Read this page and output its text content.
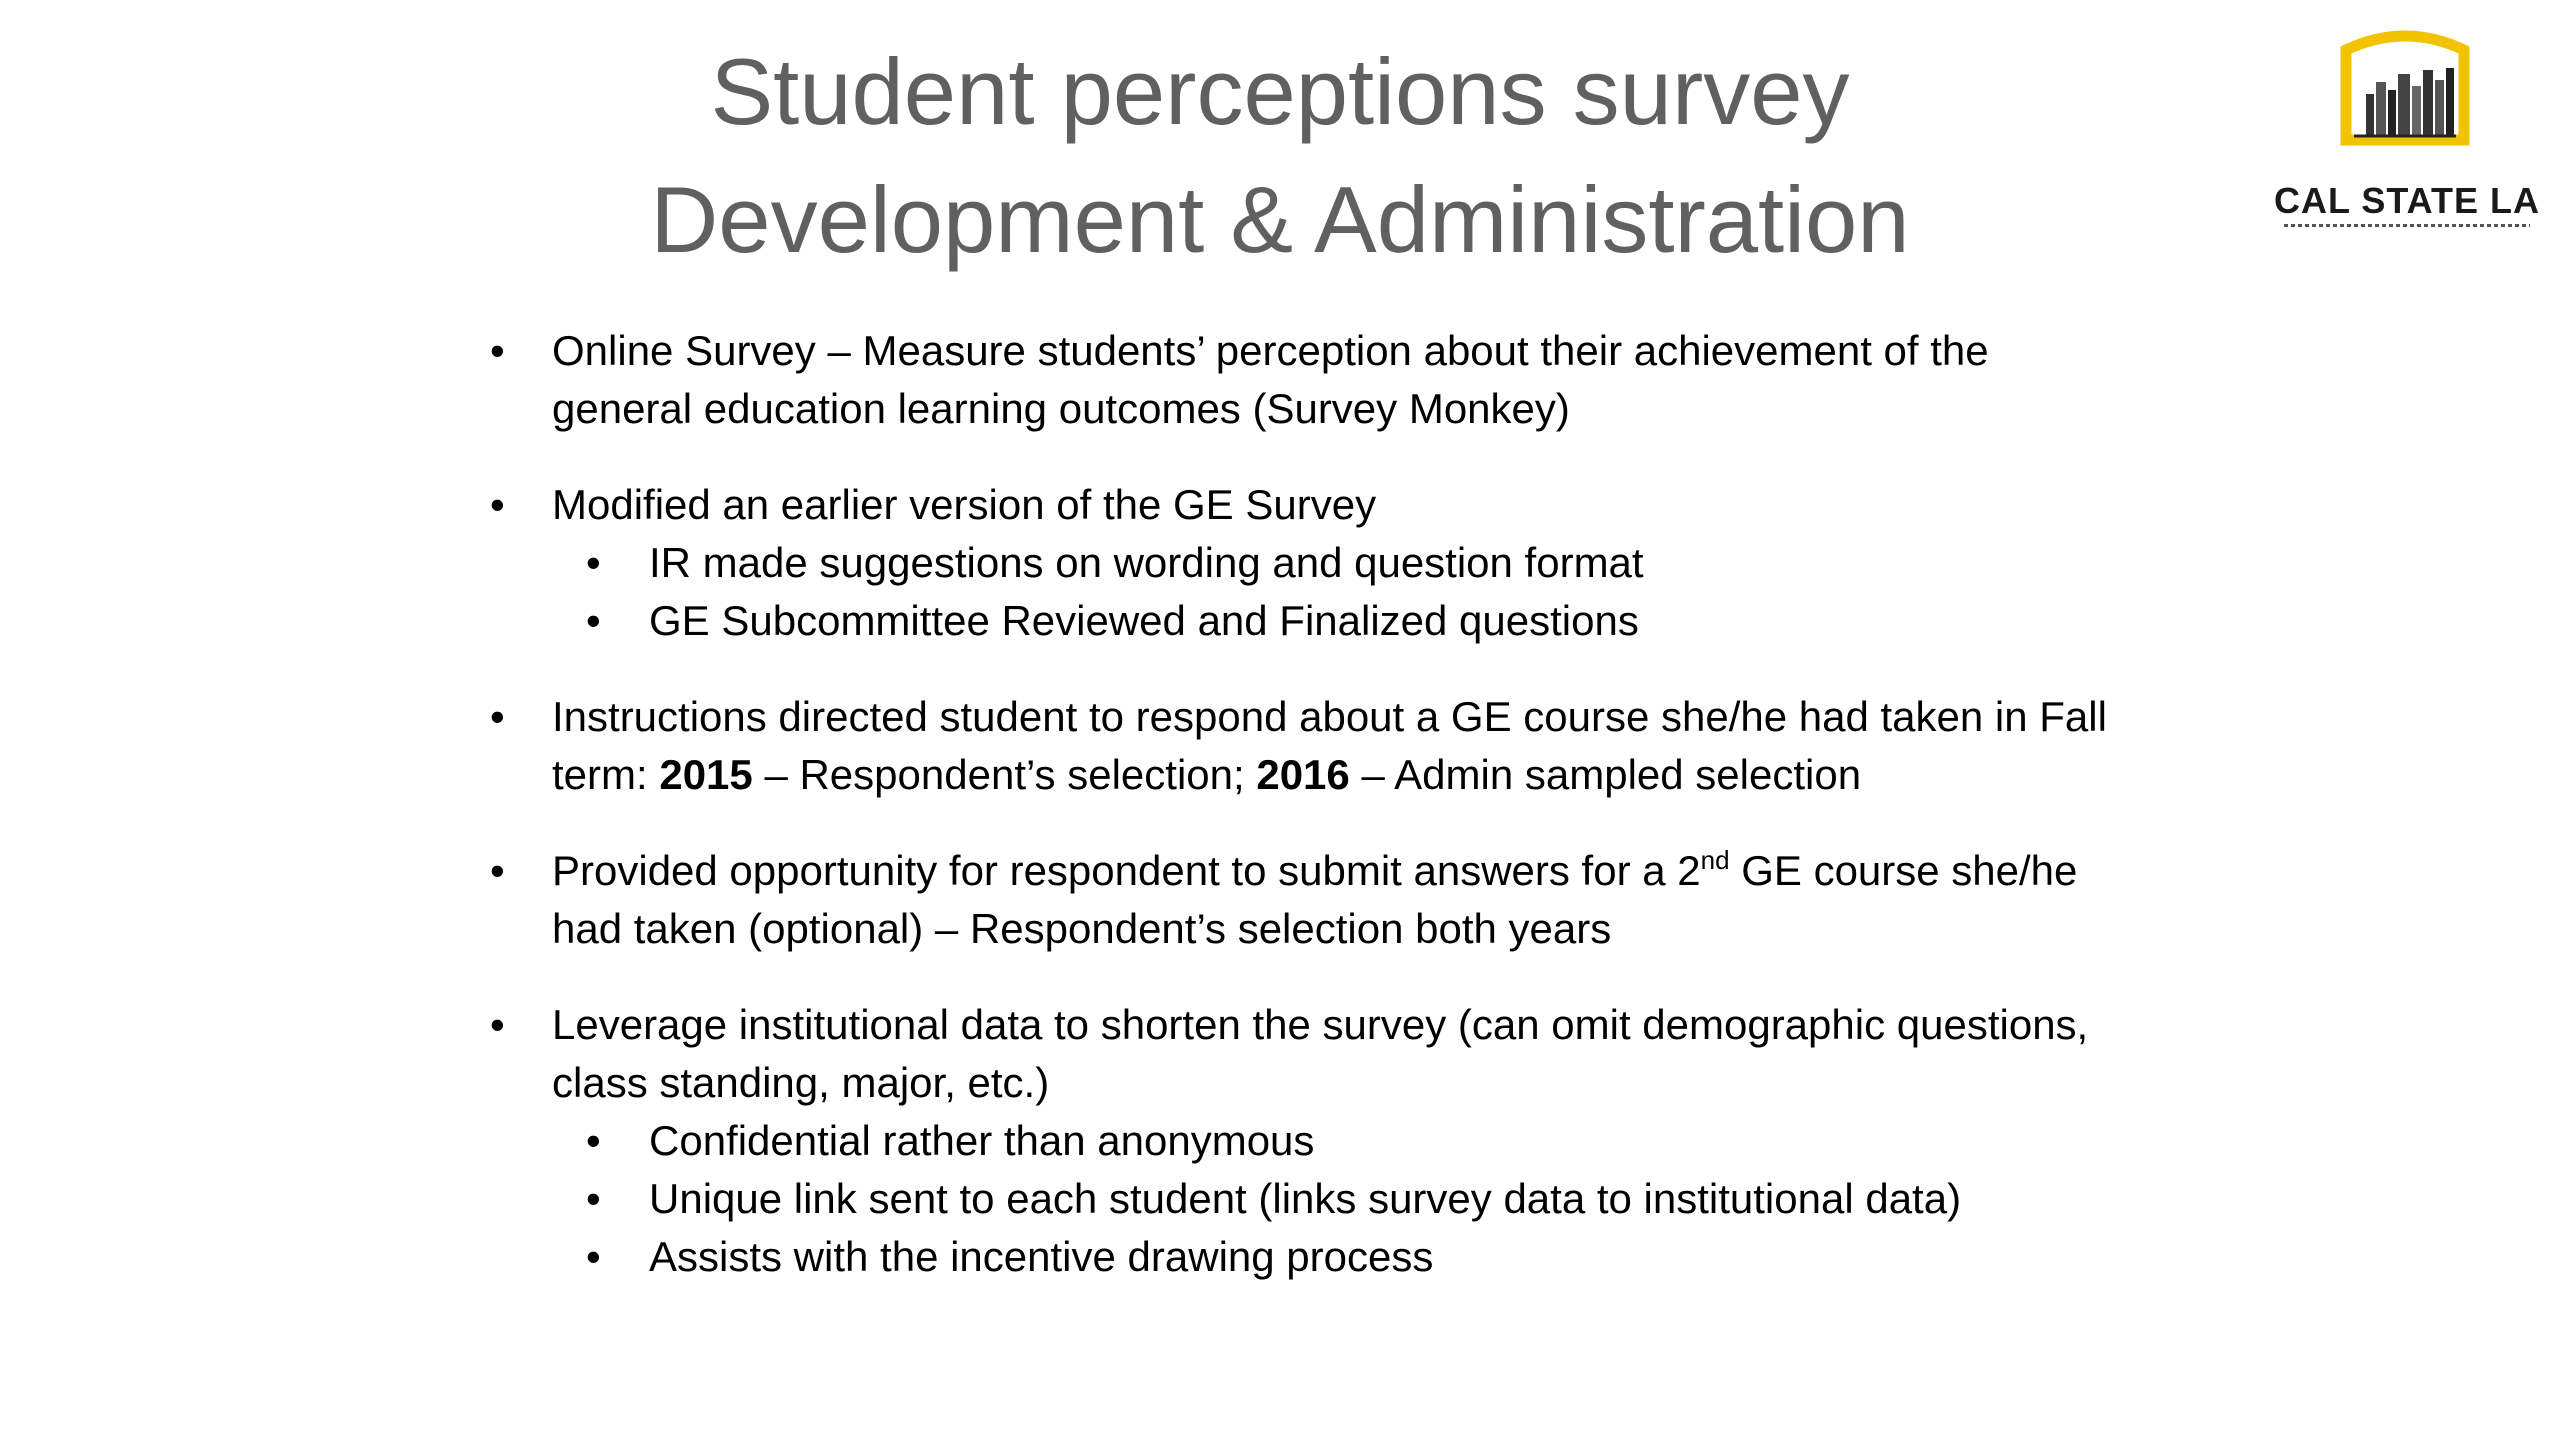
Student perceptions survey
Development & Administration	CAL STATE LA
• Online Survey – Measure students’ perception about their achievement of the general education learning outcomes (Survey Monkey)
• Modified an earlier version of the GE Survey
• IR made suggestions on wording and question format
• GE Subcommittee Reviewed and Finalized questions
• Instructions directed student to respond about a GE course she/he had taken in Fall term: 2015 – Respondent’s selection; 2016 – Admin sampled selection
• Provided opportunity for respondent to submit answers for a 2nd GE course she/he had taken (optional) – Respondent’s selection both years
• Leverage institutional data to shorten the survey (can omit demographic questions, class standing, major, etc.)
• Confidential rather than anonymous
• Unique link sent to each student (links survey data to institutional data)
• Assists with the incentive drawing process
